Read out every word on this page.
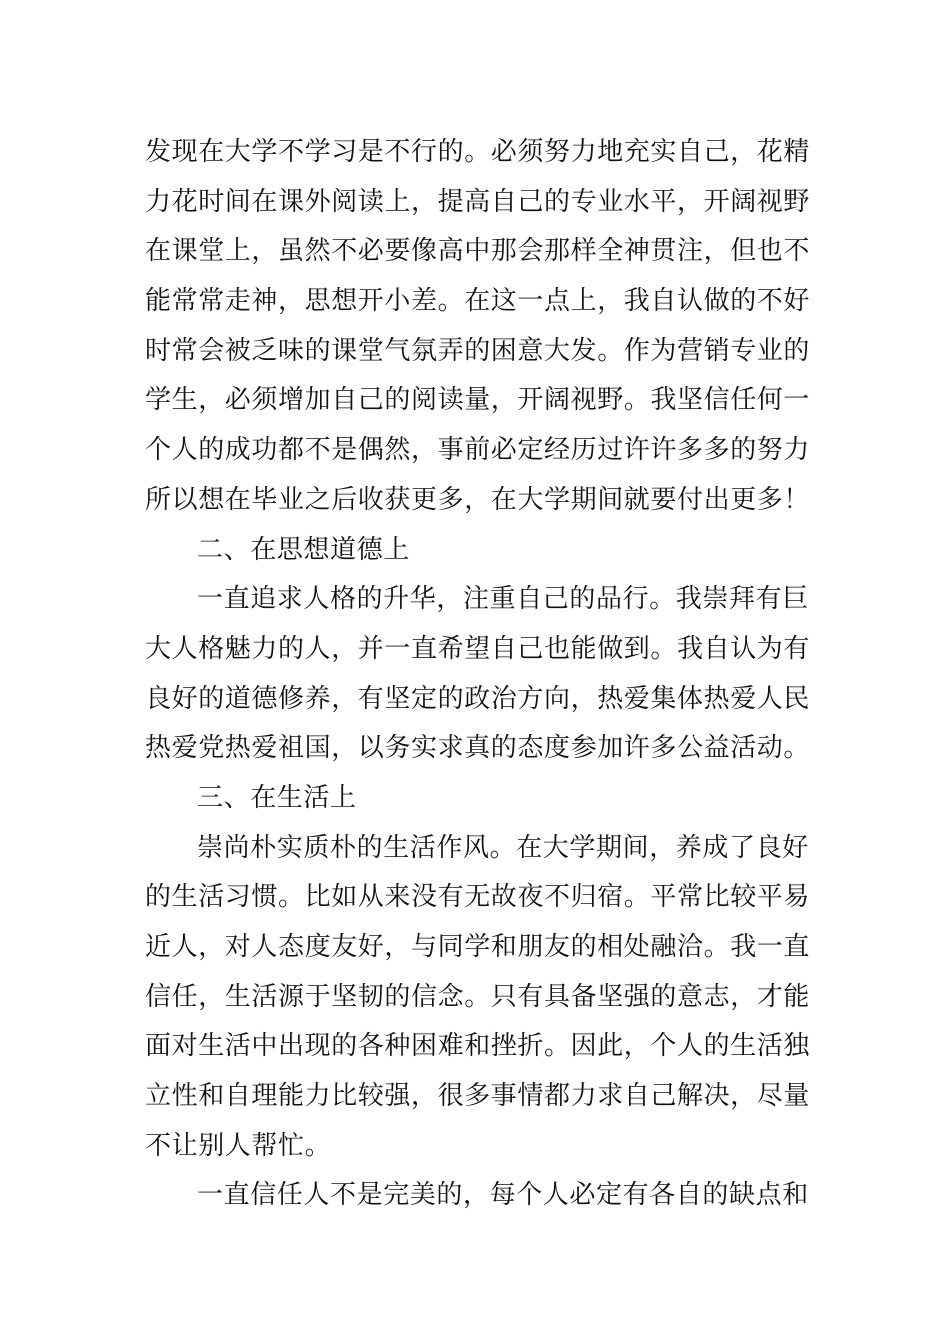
发现在大学不学习是不行的。必须努力地充实自己，花精
力花时间在课外阅读上，提高自己的专业水平，开阔视野
在课堂上，虽然不必要像高中那会那样全神贯注，但也不
能常常走神，思想开小差。在这一点上，我自认做的不好
时常会被乏味的课堂气氛弄的困意大发。作为营销专业的
学生，必须增加自己的阅读量，开阔视野。我坚信任何一
个人的成功都不是偶然，事前必定经历过许许多多的努力
所以想在毕业之后收获更多，在大学期间就要付出更多！
二、在思想道德上
一直追求人格的升华，注重自己的品行。我崇拜有巨
大人格魅力的人，并一直希望自己也能做到。我自认为有
良好的道德修养，有坚定的政治方向，热爱集体热爱人民
热爱党热爱祖国，以务实求真的态度参加许多公益活动。
三、在生活上
崇尚朴实质朴的生活作风。在大学期间，养成了良好
的生活习惯。比如从来没有无故夜不归宿。平常比较平易
近人，对人态度友好，与同学和朋友的相处融洽。我一直
信任，生活源于坚韧的信念。只有具备坚强的意志，才能
面对生活中出现的各种困难和挫折。因此，个人的生活独
立性和自理能力比较强，很多事情都力求自己解决，尽量
不让别人帮忙。
一直信任人不是完美的，每个人必定有各自的缺点和
